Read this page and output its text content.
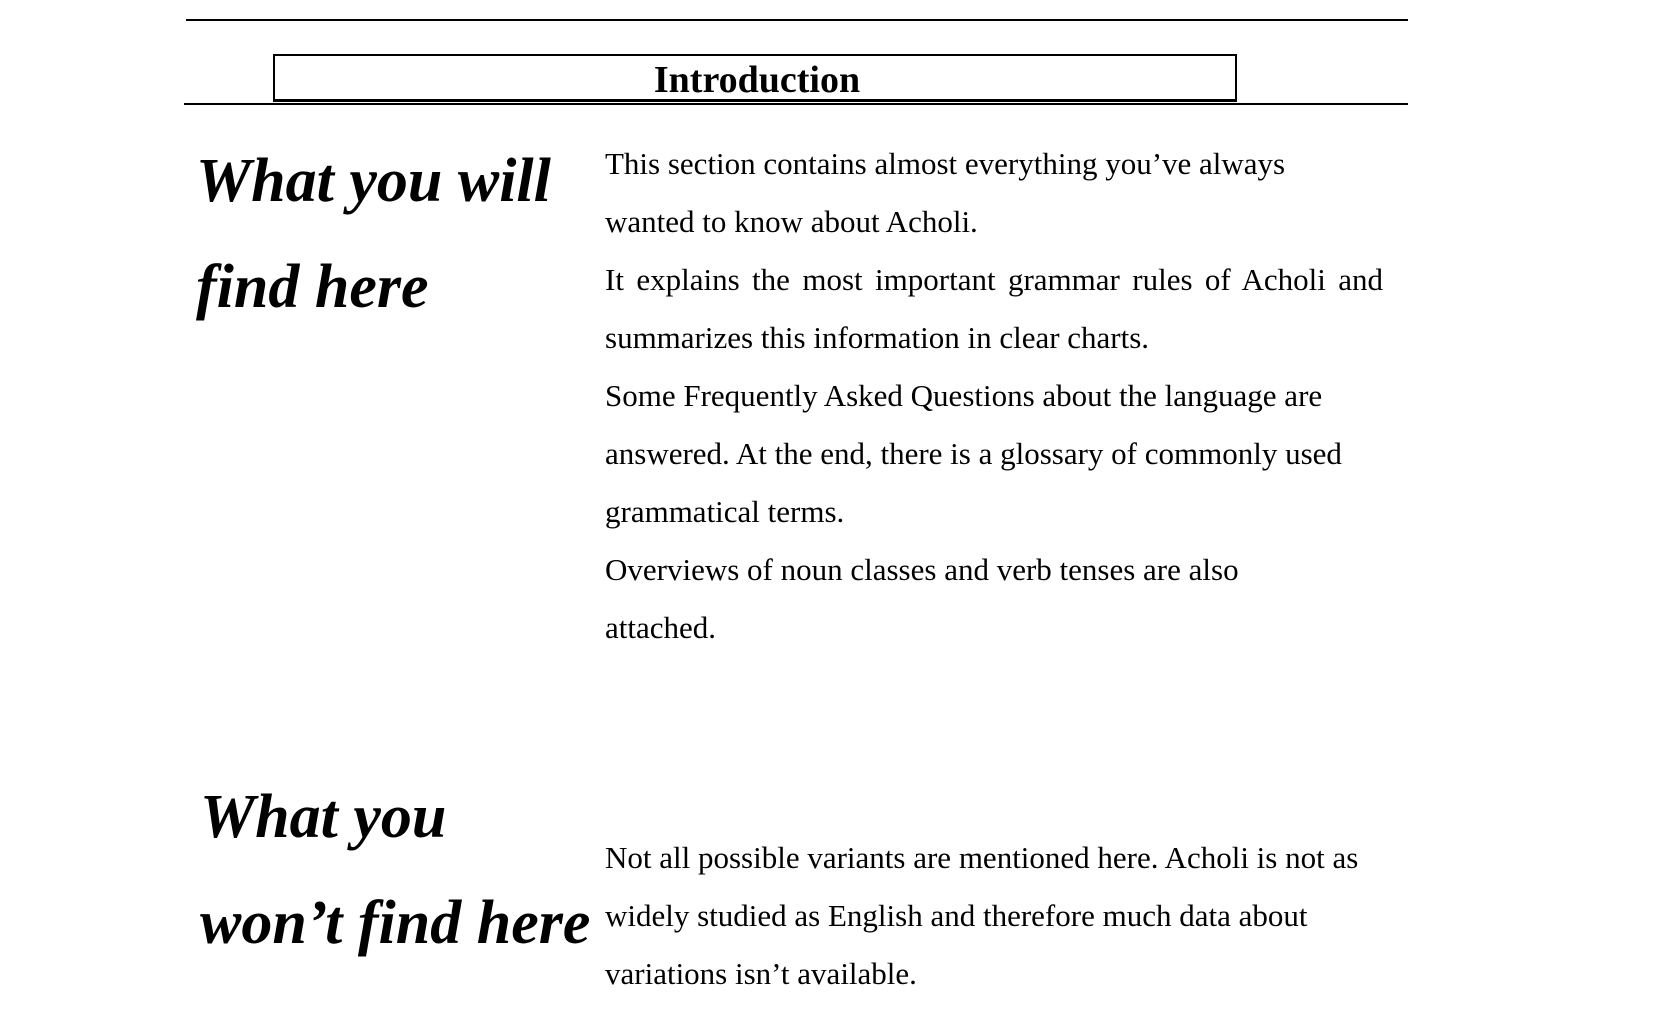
Introduction
What you will
find here

This section contains almost everything you’ve always wanted to know about Acholi.

It explains the most important grammar rules of Acholi and summarizes this information in clear charts.

Some Frequently Asked Questions about the language are answered. At the end, there is a glossary of commonly used grammatical terms.

Overviews of noun classes and verb tenses are also attached.

What you
won’t find here

Not all possible variants are mentioned here. Acholi is not as widely studied as English and therefore much data about variations isn’t available.
